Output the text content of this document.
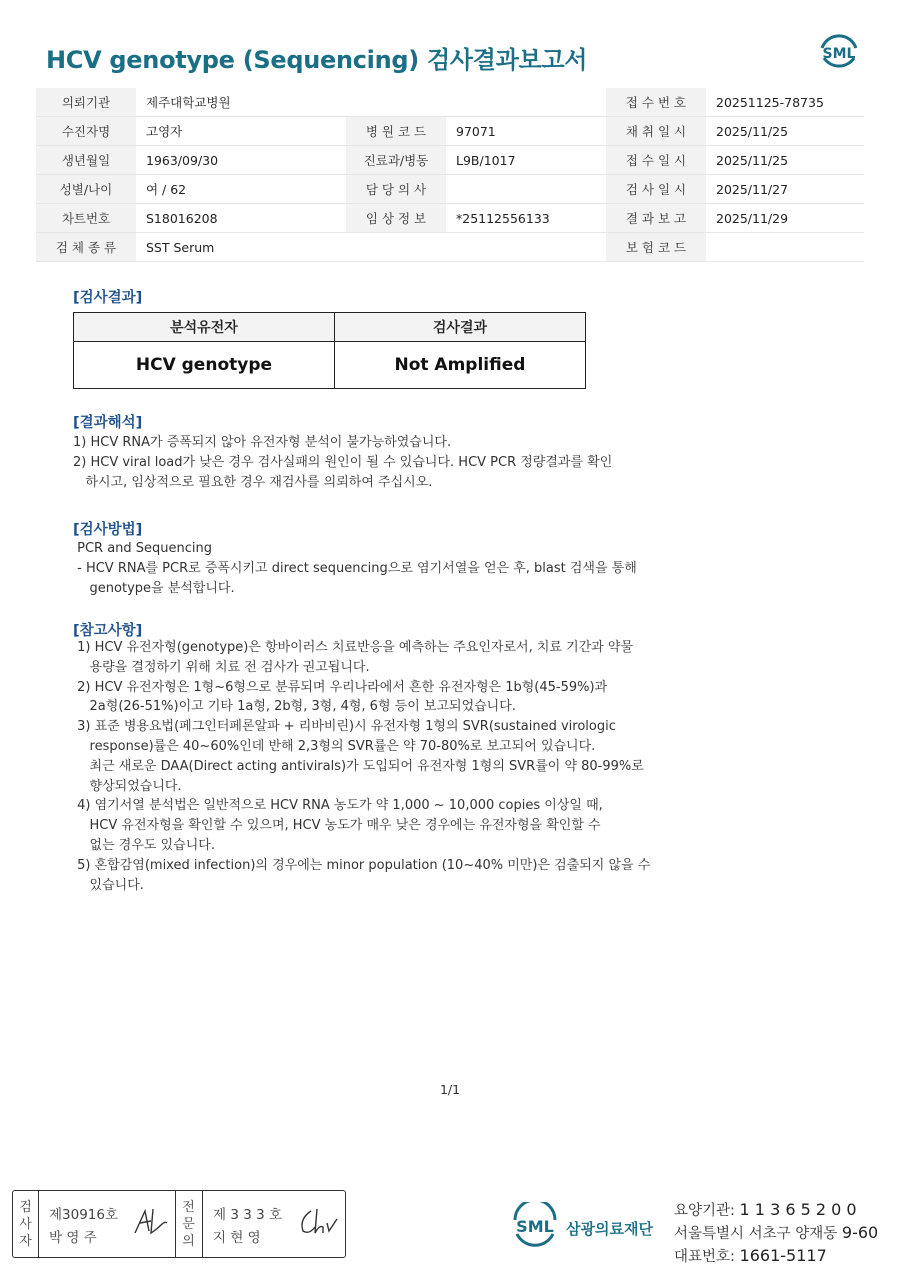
HCV genotype (Sequencing) 검사결과보고서	SML
의뢰기관	제주대학교병원			접 수 번 호	20251125-78735
수진자명	고영자	병 원 코 드	97071	채 취 일 시	2025/11/25
생년월일	1963/09/30	진료과/병동	L9B/1017	접 수 일 시	2025/11/25
성별/나이	여 / 62	담 당 의 사		검 사 일 시	2025/11/27
차트번호	S18016208	임 상 정 보	*25112556133	결 과 보 고	2025/11/29
검 체 종 류	SST Serum			보 험 코 드	
[검사결과]
분석유전자	검사결과
HCV genotype	Not Amplified
[결과해석]
1) HCV RNA가 증폭되지 않아 유전자형 분석이 불가능하였습니다.
2) HCV viral load가 낮은 경우 검사실패의 원인이 될 수 있습니다. HCV PCR 정량결과를 확인
하시고, 임상적으로 필요한 경우 재검사를 의뢰하여 주십시오.
[검사방법]
PCR and Sequencing
- HCV RNA를 PCR로 증폭시키고 direct sequencing으로 염기서열을 얻은 후, blast 검색을 통해
genotype을 분석합니다.
[참고사항]
1) HCV 유전자형(genotype)은 항바이러스 치료반응을 예측하는 주요인자로서, 치료 기간과 약물
용량을 결정하기 위해 치료 전 검사가 권고됩니다.
2) HCV 유전자형은 1형~6형으로 분류되며 우리나라에서 흔한 유전자형은 1b형(45-59%)과
2a형(26-51%)이고 기타 1a형, 2b형, 3형, 4형, 6형 등이 보고되었습니다.
3) 표준 병용요법(페그인터페론알파 + 리바비린)시 유전자형 1형의 SVR(sustained virologic
response)률은 40~60%인데 반해 2,3형의 SVR률은 약 70-80%로 보고되어 있습니다.
최근 새로운 DAA(Direct acting antivirals)가 도입되어 유전자형 1형의 SVR률이 약 80-99%로
향상되었습니다.
4) 염기서열 분석법은 일반적으로 HCV RNA 농도가 약 1,000 ~ 10,000 copies 이상일 때,
HCV 유전자형을 확인할 수 있으며, HCV 농도가 매우 낮은 경우에는 유전자형을 확인할 수
없는 경우도 있습니다.
5) 혼합감염(mixed infection)의 경우에는 minor population (10~40% 미만)은 검출되지 않을 수
있습니다.
1/1
검
사
자
제30916호
박 영 주
전
문
의
제 3 3 3 호
지 현 영
SML 삼광의료재단
요양기관: 1 1 3 6 5 2 0 0
서울특별시 서초구 양재동 9-60
대표번호: 1661-5117
